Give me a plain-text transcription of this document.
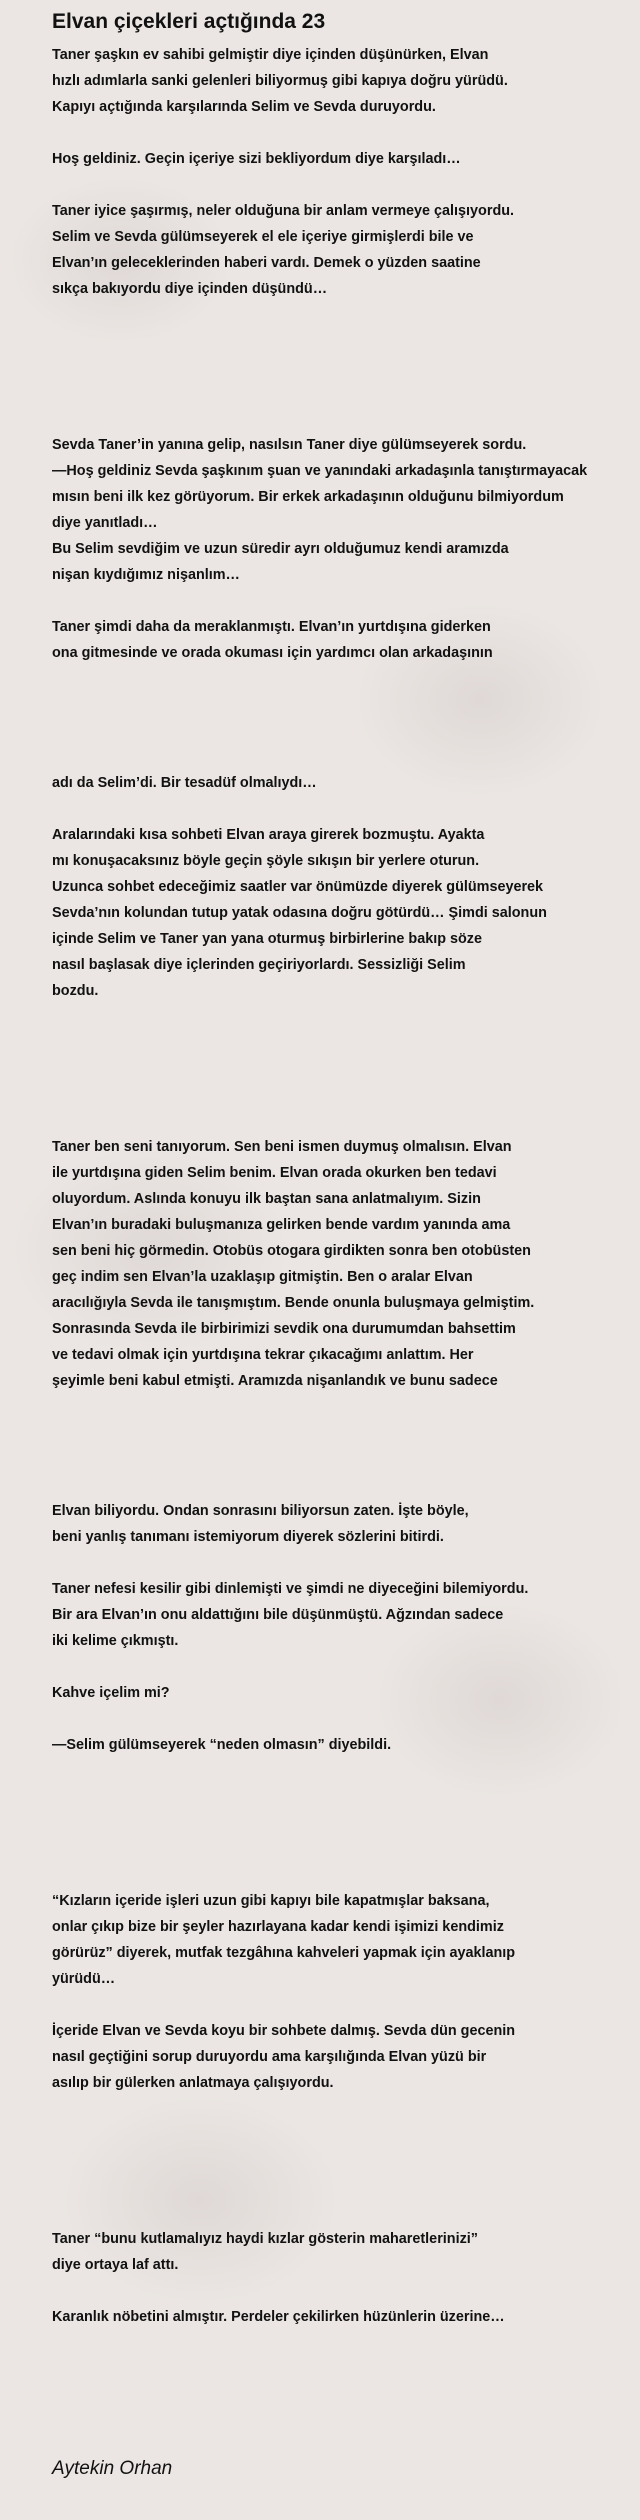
Elvan çiçekleri açtığında 23
Taner şaşkın ev sahibi gelmiştir diye içinden düşünürken, Elvan
hızlı adımlarla sanki gelenleri biliyormuş gibi kapıya doğru yürüdü.
Kapıyı açtığında karşılarında Selim ve Sevda duruyordu.
Hoş geldiniz. Geçin içeriye sizi bekliyordum diye karşıladı…
Taner iyice şaşırmış, neler olduğuna bir anlam vermeye çalışıyordu.
Selim ve Sevda gülümseyerek el ele içeriye girmişlerdi bile ve
Elvan’ın geleceklerinden haberi vardı. Demek o yüzden saatine
sıkça bakıyordu diye içinden düşündü…
Sevda Taner’in yanına gelip, nasılsın Taner diye gülümseyerek sordu.
—Hoş geldiniz Sevda şaşkınım şuan ve yanındaki arkadaşınla tanıştırmayacak
mısın beni ilk kez görüyorum. Bir erkek arkadaşının olduğunu bilmiyordum
diye yanıtladı…
Bu Selim sevdiğim ve uzun süredir ayrı olduğumuz kendi aramızda
nişan kıydığımız nişanlım…
Taner şimdi daha da meraklanmıştı. Elvan’ın yurtdışına giderken
ona gitmesinde ve orada okuması için yardımcı olan arkadaşının
adı da Selim’di. Bir tesadüf olmalıydı…
Aralarındaki kısa sohbeti Elvan araya girerek bozmuştu. Ayakta
mı konuşacaksınız böyle geçin şöyle sıkışın bir yerlere oturun.
Uzunca sohbet edeceğimiz saatler var önümüzde diyerek gülümseyerek
Sevda’nın kolundan tutup yatak odasına doğru götürdü… Şimdi salonun
içinde Selim ve Taner yan yana oturmuş birbirlerine bakıp söze
nasıl başlasak diye içlerinden geçiriyorlardı. Sessizliği Selim
bozdu.
Taner ben seni tanıyorum. Sen beni ismen duymuş olmalısın. Elvan
ile yurtdışına giden Selim benim. Elvan orada okurken ben tedavi
oluyordum. Aslında konuyu ilk baştan sana anlatmalıyım. Sizin
Elvan’ın buradaki buluşmanıza gelirken bende vardım yanında ama
sen beni hiç görmedin. Otobüs otogara girdikten sonra ben otobüsten
geç indim sen Elvan’la uzaklaşıp gitmiştin. Ben o aralar Elvan
aracılığıyla Sevda ile tanışmıştım. Bende onunla buluşmaya gelmiştim.
Sonrasında Sevda ile birbirimizi sevdik ona durumumdan bahsettim
ve tedavi olmak için yurtdışına tekrar çıkacağımı anlattım. Her
şeyimle beni kabul etmişti. Aramızda nişanlandık ve bunu sadece
Elvan biliyordu. Ondan sonrasını biliyorsun zaten. İşte böyle,
beni yanlış tanımanı istemiyorum diyerek sözlerini bitirdi.
Taner nefesi kesilir gibi dinlemişti ve şimdi ne diyeceğini bilemiyordu.
Bir ara Elvan’ın onu aldattığını bile düşünmüştü. Ağzından sadece
iki kelime çıkmıştı.
Kahve içelim mi?
—Selim gülümseyerek “neden olmasın” diyebildi.
“Kızların içeride işleri uzun gibi kapıyı bile kapatmışlar baksana,
onlar çıkıp bize bir şeyler hazırlayana kadar kendi işimizi kendimiz
görürüz” diyerek, mutfak tezgâhına kahveleri yapmak için ayaklanıp
yürüdü…
İçeride Elvan ve Sevda koyu bir sohbete dalmış. Sevda dün gecenin
nasıl geçtiğini sorup duruyordu ama karşılığında Elvan yüzü bir
asılıp bir gülerken anlatmaya çalışıyordu.
Taner “bunu kutlamalıyız haydi kızlar gösterin maharetlerinizi”
diye ortaya laf attı.
Karanlık nöbetini almıştır. Perdeler çekilirken hüzünlerin üzerine…
Aytekin Orhan
